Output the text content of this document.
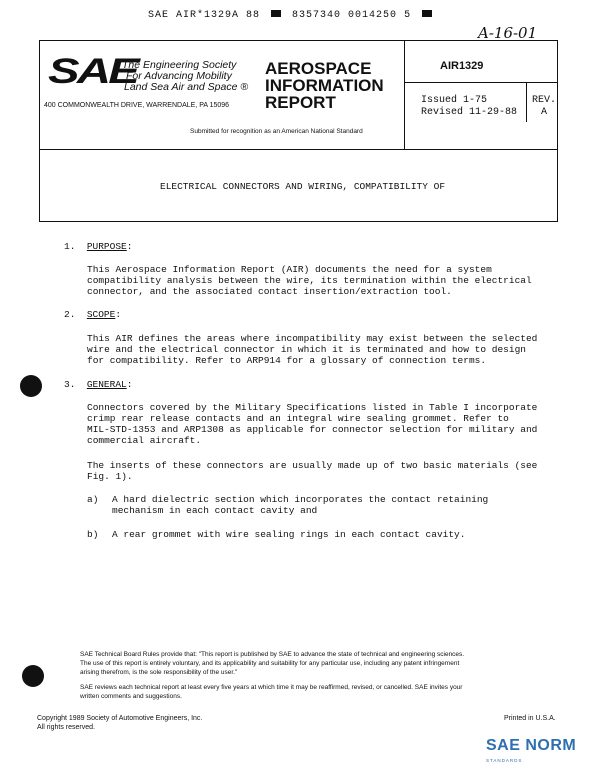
SAE AIR*1329A 88	8357340 0014250 5
A-16-01
SAE
The Engineering Society
For Advancing Mobility
Land Sea Air and Space ®
400 COMMONWEALTH DRIVE, WARRENDALE, PA 15096
AEROSPACE
INFORMATION
REPORT
Submitted for recognition as an American National Standard
AIR1329
Issued 1-75
Revised 11-29-88
REV.
A
ELECTRICAL CONNECTORS AND WIRING, COMPATIBILITY OF
1. PURPOSE:
This Aerospace Information Report (AIR) documents the need for a system
compatibility analysis between the wire, its termination within the electrical
connector, and the associated contact insertion/extraction tool.
2. SCOPE:
This AIR defines the areas where incompatibility may exist between the selected
wire and the electrical connector in which it is terminated and how to design
for compatibility. Refer to ARP914 for a glossary of connection terms.
3. GENERAL:
Connectors covered by the Military Specifications listed in Table I incorporate
crimp rear release contacts and an integral wire sealing grommet. Refer to
MIL-STD-1353 and ARP1308 as applicable for connector selection for military and
commercial aircraft.
The inserts of these connectors are usually made up of two basic materials (see
Fig. 1).
a) A hard dielectric section which incorporates the contact retaining
mechanism in each contact cavity and
b) A rear grommet with wire sealing rings in each contact cavity.
SAE Technical Board Rules provide that: "This report is published by SAE to advance the state of technical and engineering sciences.
The use of this report is entirely voluntary, and its applicability and suitability for any particular use, including any patent infringement
arising therefrom, is the sole responsibility of the user."
SAE reviews each technical report at least every five years at which time it may be reaffirmed, revised, or cancelled. SAE invites your
written comments and suggestions.
Copyright 1989 Society of Automotive Engineers, Inc.
All rights reserved.
Printed in U.S.A.
SAE NORM
STANDARDS
